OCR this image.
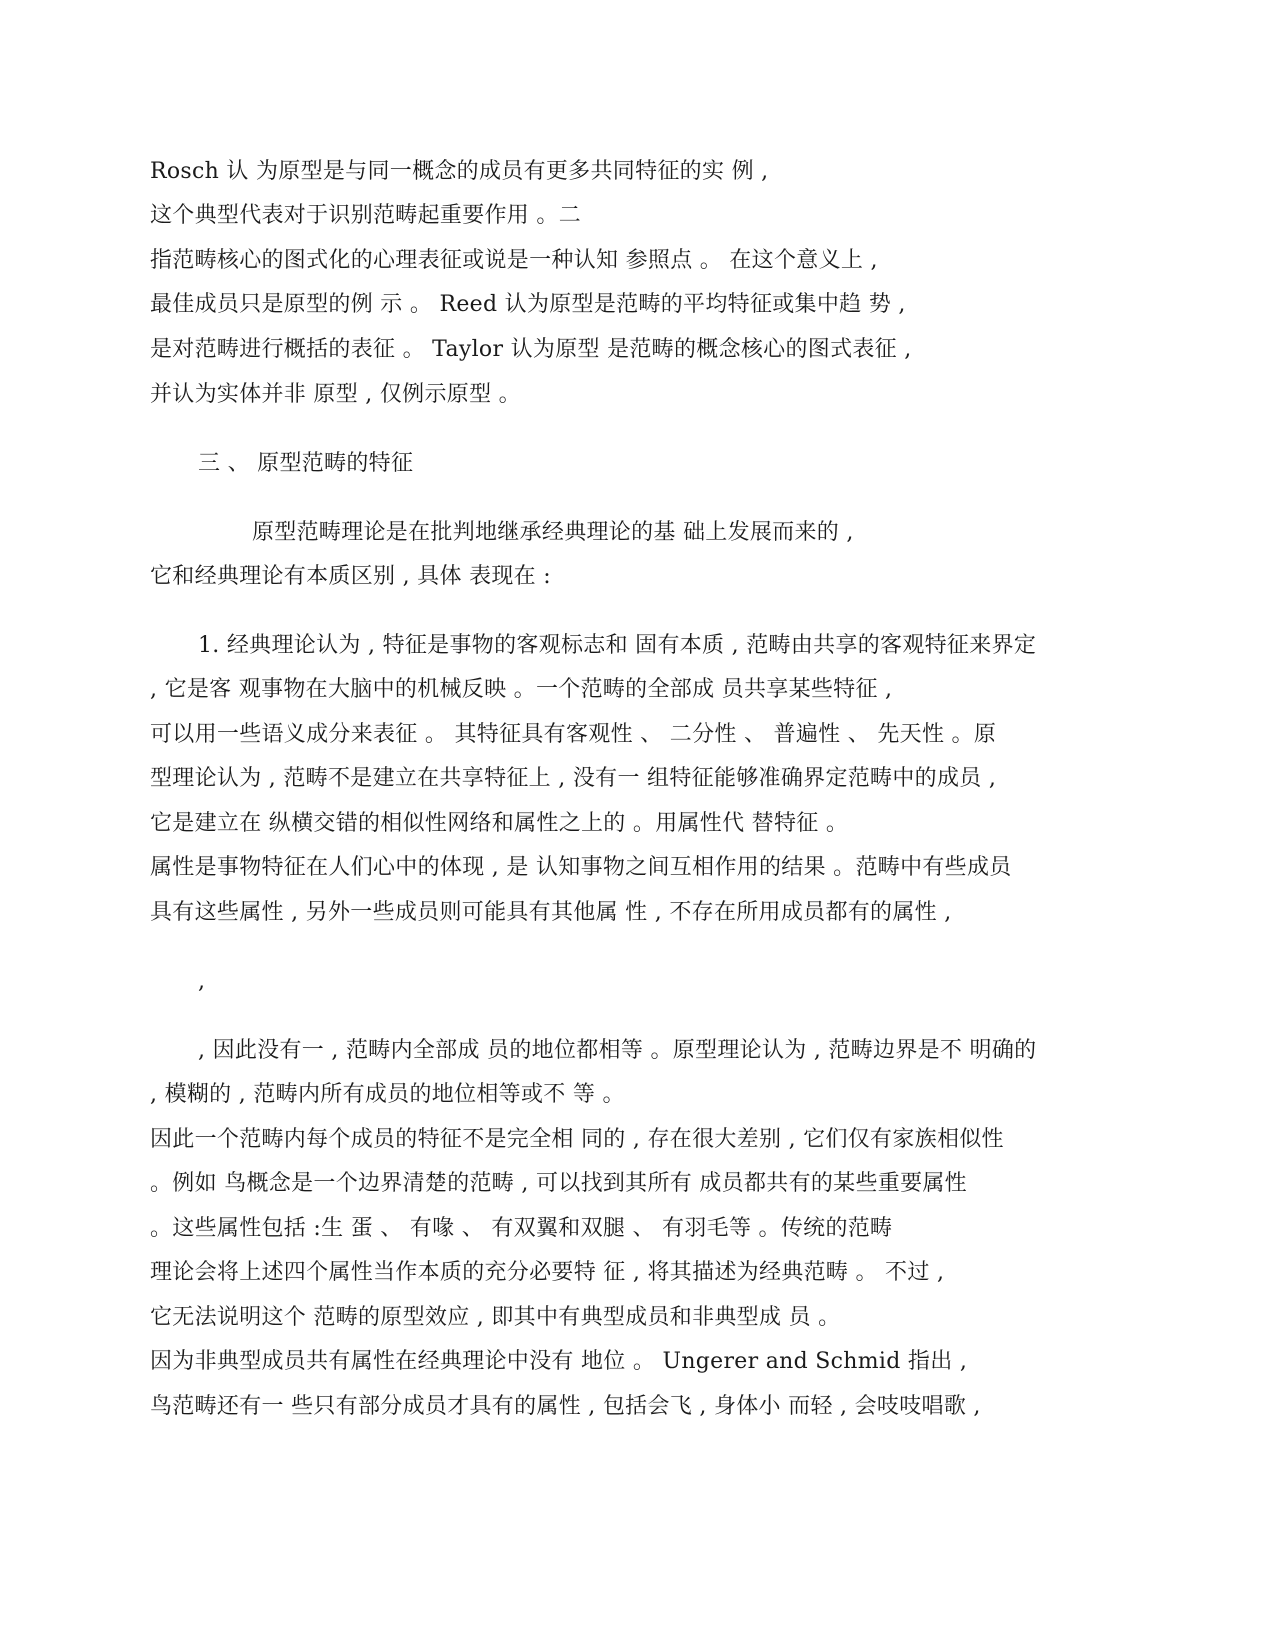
Rosch 认 为原型是与同一概念的成员有更多共同特征的实 例 ,
这个典型代表对于识别范畴起重要作用 。二
指范畴核心的图式化的心理表征或说是一种认知 参照点 。 在这个意义上 ,
最佳成员只是原型的例 示 。 Reed 认为原型是范畴的平均特征或集中趋 势 ,
是对范畴进行概括的表征 。 Taylor 认为原型 是范畴的概念核心的图式表征 ,
并认为实体并非 原型 , 仅例示原型 。
三 、 原型范畴的特征
原型范畴理论是在批判地继承经典理论的基 础上发展而来的 ,
它和经典理论有本质区别 , 具体 表现在 :
1. 经典理论认为 , 特征是事物的客观标志和 固有本质 , 范畴由共享的客观特征来界定
, 它是客 观事物在大脑中的机械反映 。一个范畴的全部成 员共享某些特征 ,
可以用一些语义成分来表征 。 其特征具有客观性 、 二分性 、 普遍性 、 先天性 。原
型理论认为 , 范畴不是建立在共享特征上 , 没有一 组特征能够准确界定范畴中的成员 ,
它是建立在 纵横交错的相似性网络和属性之上的 。用属性代 替特征 。
属性是事物特征在人们心中的体现 , 是 认知事物之间互相作用的结果 。范畴中有些成员
具有这些属性 , 另外一些成员则可能具有其他属 性 , 不存在所用成员都有的属性 ,
,
, 因此没有一 , 范畴内全部成 员的地位都相等 。原型理论认为 , 范畴边界是不 明确的
, 模糊的 , 范畴内所有成员的地位相等或不 等 。
因此一个范畴内每个成员的特征不是完全相 同的 , 存在很大差别 , 它们仅有家族相似性
。例如 鸟概念是一个边界清楚的范畴 , 可以找到其所有 成员都共有的某些重要属性
。这些属性包括 :生 蛋 、 有喙 、 有双翼和双腿 、 有羽毛等 。传统的范畴
理论会将上述四个属性当作本质的充分必要特 征 , 将其描述为经典范畴 。 不过 ,
它无法说明这个 范畴的原型效应 , 即其中有典型成员和非典型成 员 。
因为非典型成员共有属性在经典理论中没有 地位 。 Ungerer and Schmid 指出 ,
鸟范畴还有一 些只有部分成员才具有的属性 , 包括会飞 , 身体小 而轻 , 会吱吱唱歌 ,
